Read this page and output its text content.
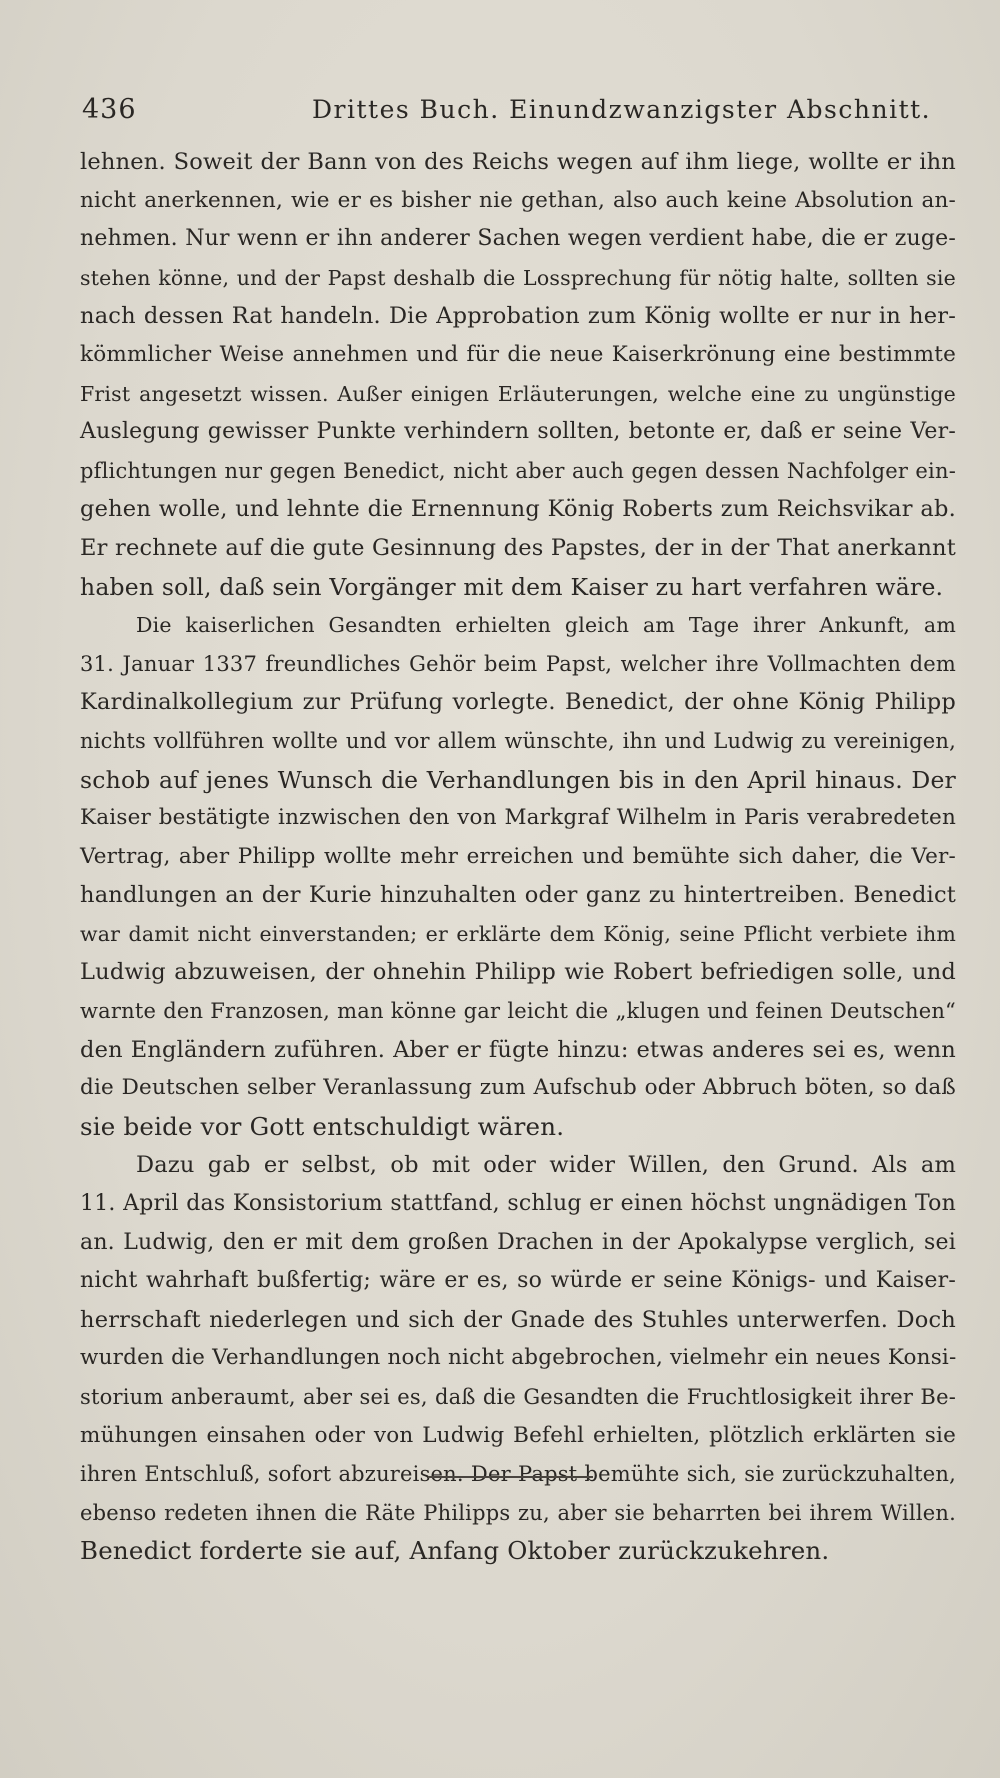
436	Drittes Buch. Einundzwanzigster Abschnitt.
lehnen. Soweit der Bann von des Reichs wegen auf ihm liege, wollte er ihn
nicht anerkennen, wie er es bisher nie gethan, also auch keine Absolution an-
nehmen. Nur wenn er ihn anderer Sachen wegen verdient habe, die er zuge-
stehen könne, und der Papst deshalb die Lossprechung für nötig halte, sollten sie
nach dessen Rat handeln. Die Approbation zum König wollte er nur in her-
kömmlicher Weise annehmen und für die neue Kaiserkrönung eine bestimmte
Frist angesetzt wissen. Außer einigen Erläuterungen, welche eine zu ungünstige
Auslegung gewisser Punkte verhindern sollten, betonte er, daß er seine Ver-
pflichtungen nur gegen Benedict, nicht aber auch gegen dessen Nachfolger ein-
gehen wolle, und lehnte die Ernennung König Roberts zum Reichsvikar ab.
Er rechnete auf die gute Gesinnung des Papstes, der in der That anerkannt
haben soll, daß sein Vorgänger mit dem Kaiser zu hart verfahren wäre.
Die kaiserlichen Gesandten erhielten gleich am Tage ihrer Ankunft, am
31. Januar 1337 freundliches Gehör beim Papst, welcher ihre Vollmachten dem
Kardinalkollegium zur Prüfung vorlegte. Benedict, der ohne König Philipp
nichts vollführen wollte und vor allem wünschte, ihn und Ludwig zu vereinigen,
schob auf jenes Wunsch die Verhandlungen bis in den April hinaus. Der
Kaiser bestätigte inzwischen den von Markgraf Wilhelm in Paris verabredeten
Vertrag, aber Philipp wollte mehr erreichen und bemühte sich daher, die Ver-
handlungen an der Kurie hinzuhalten oder ganz zu hintertreiben. Benedict
war damit nicht einverstanden; er erklärte dem König, seine Pflicht verbiete ihm
Ludwig abzuweisen, der ohnehin Philipp wie Robert befriedigen solle, und
warnte den Franzosen, man könne gar leicht die „klugen und feinen Deutschen“
den Engländern zuführen. Aber er fügte hinzu: etwas anderes sei es, wenn
die Deutschen selber Veranlassung zum Aufschub oder Abbruch böten, so daß
sie beide vor Gott entschuldigt wären.
Dazu gab er selbst, ob mit oder wider Willen, den Grund. Als am
11. April das Konsistorium stattfand, schlug er einen höchst ungnädigen Ton
an. Ludwig, den er mit dem großen Drachen in der Apokalypse verglich, sei
nicht wahrhaft bußfertig; wäre er es, so würde er seine Königs- und Kaiser-
herrschaft niederlegen und sich der Gnade des Stuhles unterwerfen. Doch
wurden die Verhandlungen noch nicht abgebrochen, vielmehr ein neues Konsi-
storium anberaumt, aber sei es, daß die Gesandten die Fruchtlosigkeit ihrer Be-
mühungen einsahen oder von Ludwig Befehl erhielten, plötzlich erklärten sie
ihren Entschluß, sofort abzureisen. Der Papst bemühte sich, sie zurückzuhalten,
ebenso redeten ihnen die Räte Philipps zu, aber sie beharrten bei ihrem Willen.
Benedict forderte sie auf, Anfang Oktober zurückzukehren.
